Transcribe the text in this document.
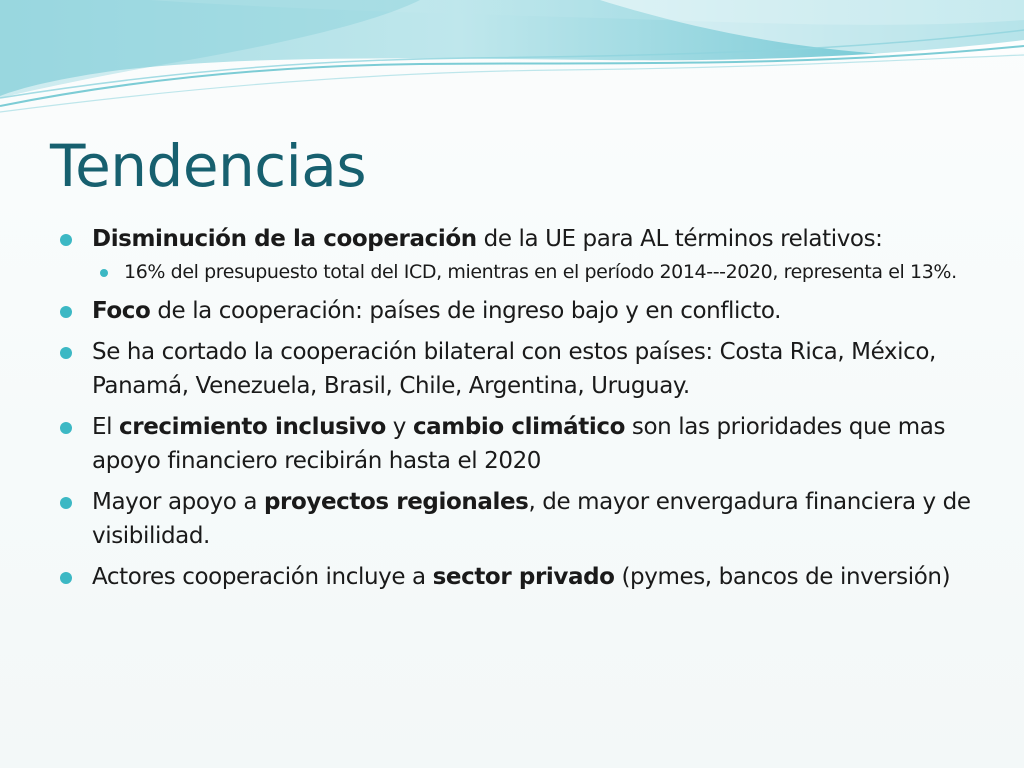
Tendencias
Disminución de la cooperación de la UE para AL términos relativos:
16% del presupuesto total del ICD, mientras en el período 2014---2020, representa el 13%.
Foco de la cooperación: países de ingreso bajo y en conflicto.
Se ha cortado la cooperación bilateral con estos países: Costa Rica, México, Panamá, Venezuela, Brasil, Chile, Argentina, Uruguay.
El crecimiento inclusivo y cambio climático son las prioridades que mas apoyo financiero recibirán hasta el 2020
Mayor apoyo a proyectos regionales, de mayor envergadura financiera y de visibilidad.
Actores cooperación incluye a sector privado (pymes, bancos de inversión)
